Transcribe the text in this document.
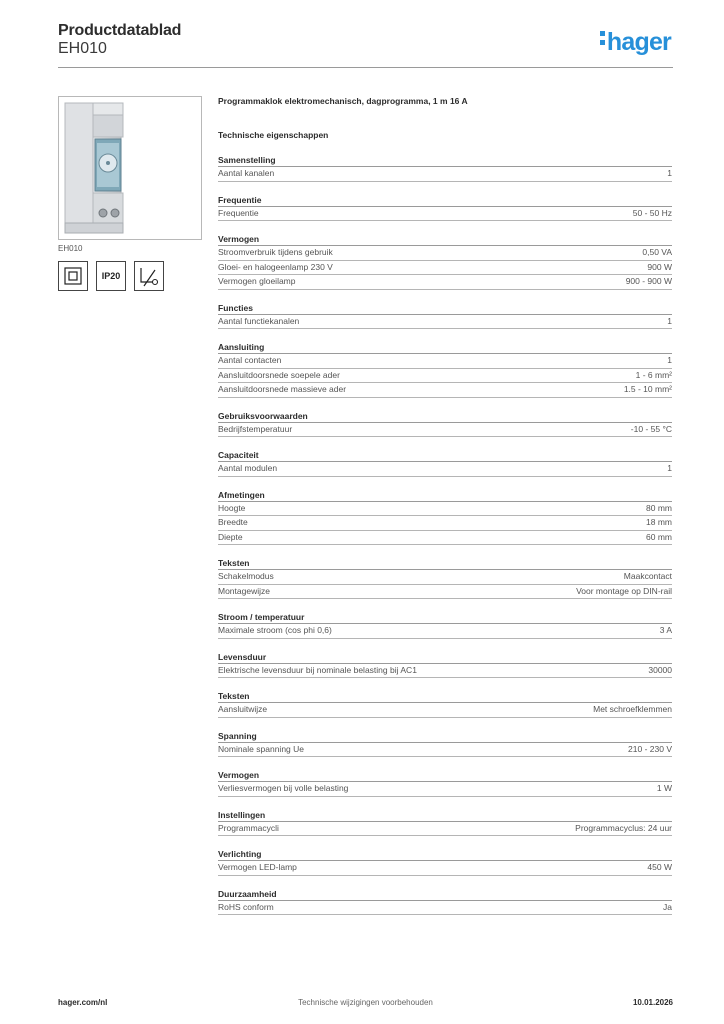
Productdatablad
EH010	hager
EH010
IP20
Programmaklok elektromechanisch, dagprogramma, 1 m 16 A
Technische eigenschappen
Samenstelling
Aantal kanalen	1
Frequentie
Frequentie	50 - 50 Hz
Vermogen
Stroomverbruik tijdens gebruik	0,50 VA
Gloei- en halogeenlamp 230 V	900 W
Vermogen gloeilamp	900 - 900 W
Functies
Aantal functiekanalen	1
Aansluiting
Aantal contacten	1
Aansluitdoorsnede soepele ader	1 - 6 mm²
Aansluitdoorsnede massieve ader	1.5 - 10 mm²
Gebruiksvoorwaarden
Bedrijfstemperatuur	-10 - 55 °C
Capaciteit
Aantal modulen	1
Afmetingen
Hoogte	80 mm
Breedte	18 mm
Diepte	60 mm
Teksten
Schakelmodus	Maakcontact
Montagewijze	Voor montage op DIN-rail
Stroom / temperatuur
Maximale stroom (cos phi 0,6)	3 A
Levensduur
Elektrische levensduur bij nominale belasting bij AC1	30000
Teksten
Aansluitwijze	Met schroefklemmen
Spanning
Nominale spanning Ue	210 - 230 V
Vermogen
Verliesvermogen bij volle belasting	1 W
Instellingen
Programmacycli	Programmacyclus: 24 uur
Verlichting
Vermogen LED-lamp	450 W
Duurzaamheid
RoHS conform	Ja
hager.com/nl	Technische wijzigingen voorbehouden	10.01.2026
